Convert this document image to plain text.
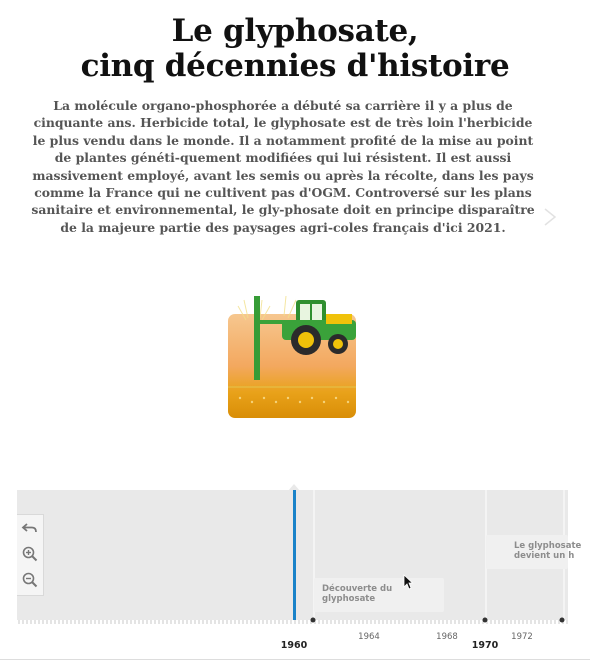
Le glyphosate,
cinq décennies d'histoire

La molécule organo-phosphorée a débuté sa carrière il y a plus de cinquante ans. Herbicide total, le glyphosate est de très loin l'herbicide le plus vendu dans le monde. Il a notamment profité de la mise au point de plantes généti-quement modifiées qui lui résistent. Il est aussi massivement employé, avant les semis ou après la récolte, dans les pays comme la France qui ne cultivent pas d'OGM. Controversé sur les plans sanitaire et environnemental, le gly-phosate doit en principe disparaître de la majeure partie des paysages agri-coles français d'ici 2021.

Découverte du
glyphosate
Le glyphosate
devient un h
1960
1964	1968
1970
1972
